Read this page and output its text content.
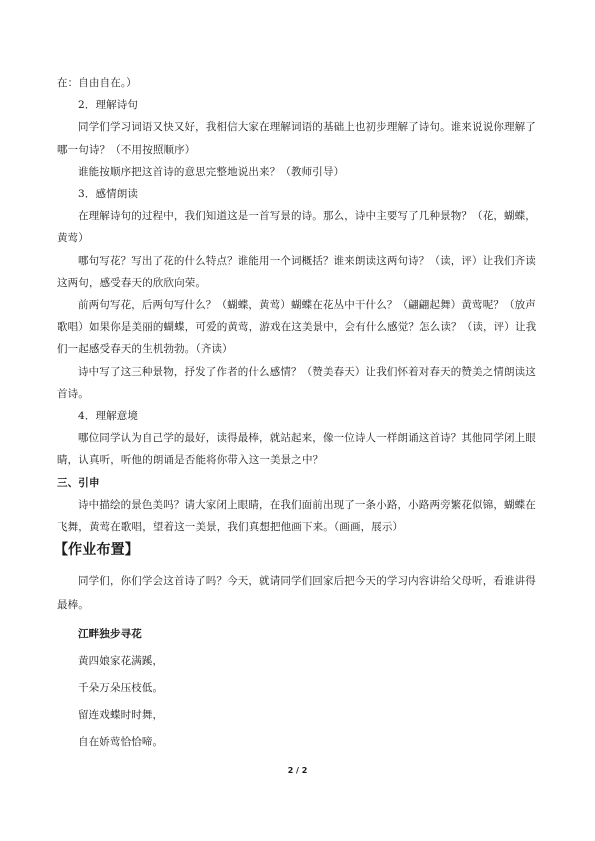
在：自由自在。）

2．理解诗句

同学们学习词语又快又好，我相信大家在理解词语的基础上也初步理解了诗句。谁来说说你理解了哪一句诗？（不用按照顺序）

谁能按顺序把这首诗的意思完整地说出来？（教师引导）

3．感情朗读

在理解诗句的过程中，我们知道这是一首写景的诗。那么，诗中主要写了几种景物？（花，蝴蝶，黄莺）

哪句写花？写出了花的什么特点？谁能用一个词概括？谁来朗读这两句诗？（读，评）让我们齐读这两句，感受春天的欣欣向荣。

前两句写花，后两句写什么？（蝴蝶，黄莺）蝴蝶在花丛中干什么？（翩翩起舞）黄莺呢？（放声歌唱）如果你是美丽的蝴蝶，可爱的黄莺，游戏在这美景中，会有什么感觉？怎么读？（读，评）让我们一起感受春天的生机勃勃。（齐读）

诗中写了这三种景物，抒发了作者的什么感情？（赞美春天）让我们怀着对春天的赞美之情朗读这首诗。

4．理解意境

哪位同学认为自己学的最好，读得最棒，就站起来，像一位诗人一样朗诵这首诗？其他同学闭上眼睛，认真听，听他的朗诵是否能将你带入这一美景之中？

三、引申

诗中描绘的景色美吗？请大家闭上眼睛，在我们面前出现了一条小路，小路两旁繁花似锦，蝴蝶在飞舞，黄莺在歌唱，望着这一美景，我们真想把他画下来。（画画，展示）

【作业布置】

同学们，你们学会这首诗了吗？今天，就请同学们回家后把今天的学习内容讲给父母听，看谁讲得最棒。

江畔独步寻花
黄四娘家花满蹊，
千朵万朵压枝低。
留连戏蝶时时舞，
自在娇莺恰恰啼。
2 / 2
